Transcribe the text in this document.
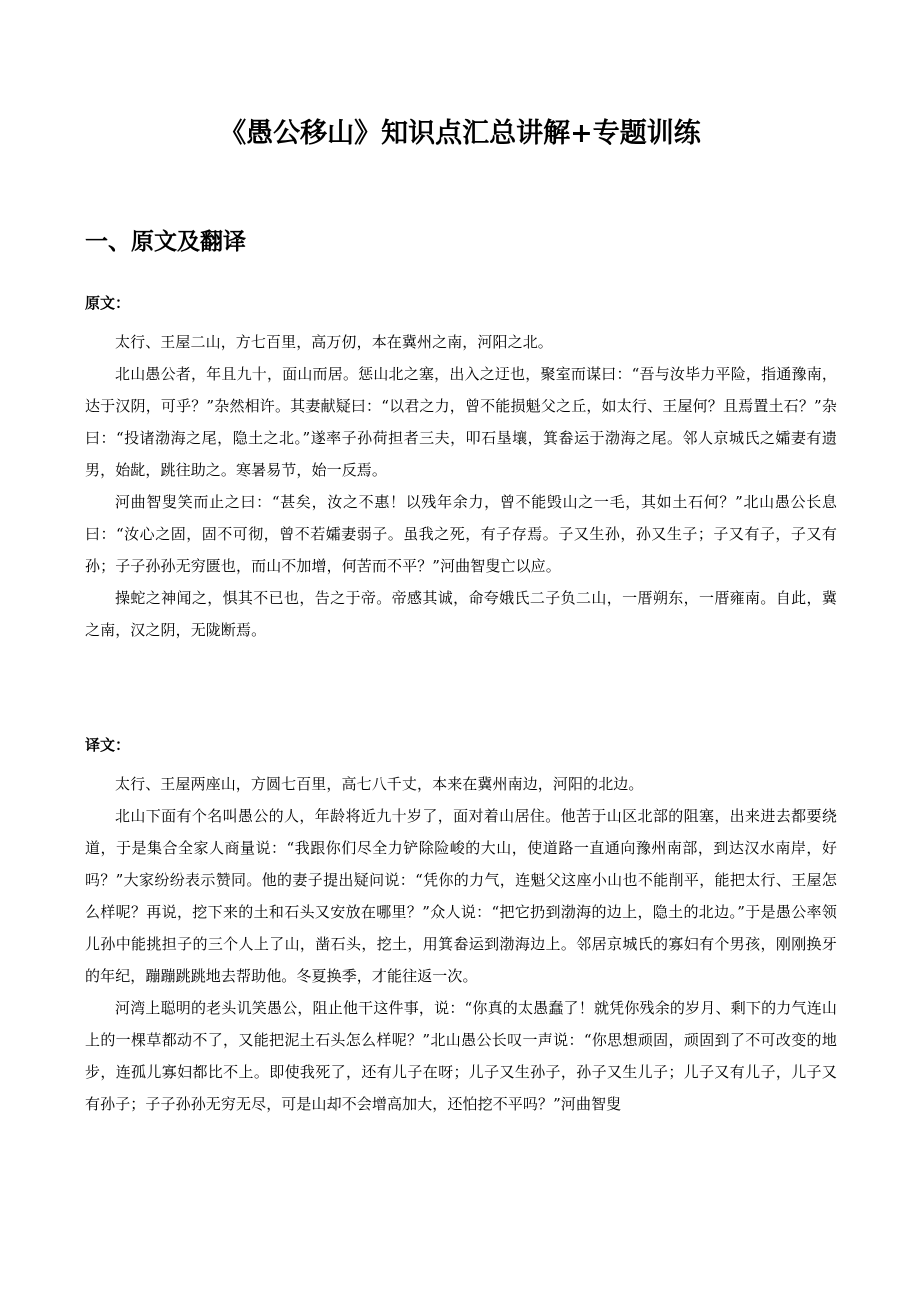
《愚公移山》知识点汇总讲解+专题训练
一、原文及翻译

原文：

太行、王屋二山，方七百里，高万仞，本在冀州之南，河阳之北。

北山愚公者，年且九十，面山而居。惩山北之塞，出入之迂也，聚室而谋曰：“吾与汝毕力平险，指通豫南，达于汉阴，可乎？”杂然相许。其妻献疑曰：“以君之力，曾不能损魁父之丘，如太行、王屋何？且焉置土石？”杂曰：“投诸渤海之尾，隐土之北。”遂率子孙荷担者三夫，叩石垦壤，箕畚运于渤海之尾。邻人京城氏之孀妻有遗男，始龀，跳往助之。寒暑易节，始一反焉。

河曲智叟笑而止之曰：“甚矣，汝之不惠！以残年余力，曾不能毁山之一毛，其如土石何？”北山愚公长息曰：“汝心之固，固不可彻，曾不若孀妻弱子。虽我之死，有子存焉。子又生孙，孙又生子；子又有子，子又有孙；子子孙孙无穷匮也，而山不加增，何苦而不平？”河曲智叟亡以应。

操蛇之神闻之，惧其不已也，告之于帝。帝感其诚，命夸娥氏二子负二山，一厝朔东，一厝雍南。自此，冀之南，汉之阴，无陇断焉。

译文：

太行、王屋两座山，方圆七百里，高七八千丈，本来在冀州南边，河阳的北边。

北山下面有个名叫愚公的人，年龄将近九十岁了，面对着山居住。他苦于山区北部的阻塞，出来进去都要绕道，于是集合全家人商量说：“我跟你们尽全力铲除险峻的大山，使道路一直通向豫州南部，到达汉水南岸，好吗？”大家纷纷表示赞同。他的妻子提出疑问说：“凭你的力气，连魁父这座小山也不能削平，能把太行、王屋怎么样呢？再说，挖下来的土和石头又安放在哪里？”众人说：“把它扔到渤海的边上，隐土的北边。”于是愚公率领儿孙中能挑担子的三个人上了山，凿石头，挖土，用箕畚运到渤海边上。邻居京城氏的寡妇有个男孩，刚刚换牙的年纪，蹦蹦跳跳地去帮助他。冬夏换季，才能往返一次。

河湾上聪明的老头讥笑愚公，阻止他干这件事，说：“你真的太愚蠢了！就凭你残余的岁月、剩下的力气连山上的一棵草都动不了，又能把泥土石头怎么样呢？”北山愚公长叹一声说：“你思想顽固，顽固到了不可改变的地步，连孤儿寡妇都比不上。即使我死了，还有儿子在呀；儿子又生孙子，孙子又生儿子；儿子又有儿子，儿子又有孙子；子子孙孙无穷无尽，可是山却不会增高加大，还怕挖不平吗？”河曲智叟
